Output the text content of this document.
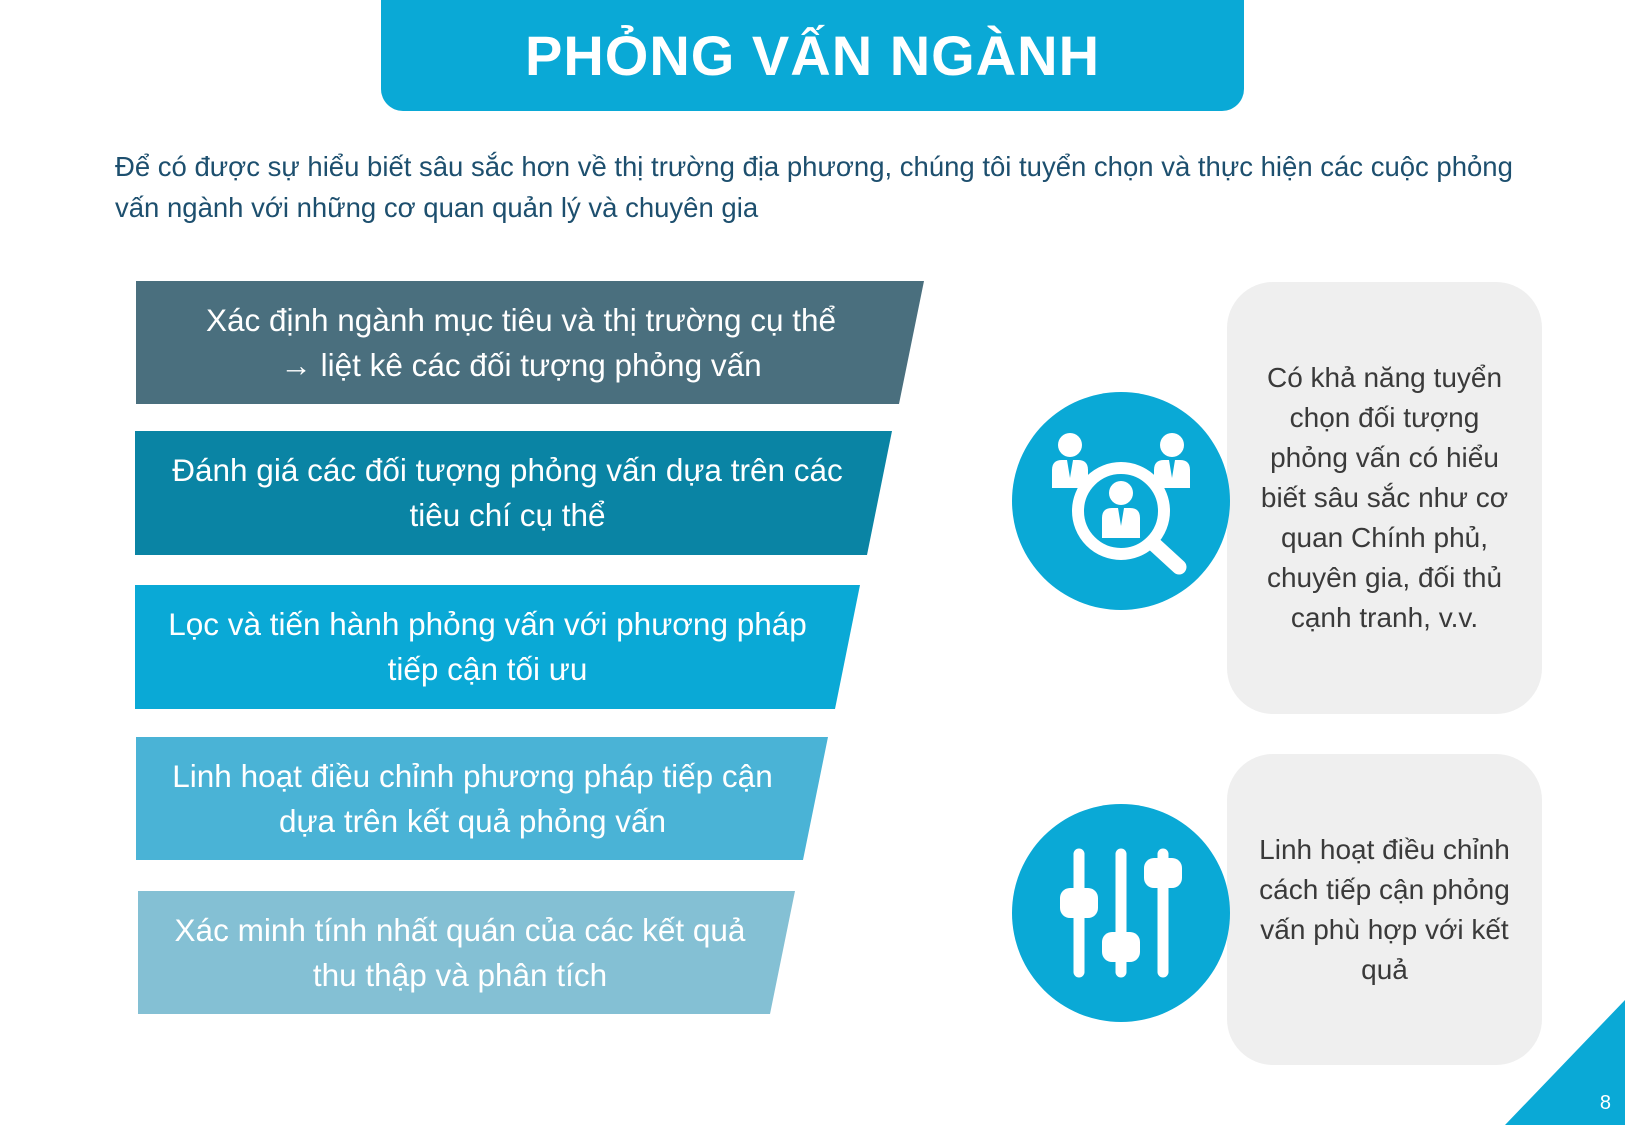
PHỎNG VẤN NGÀNH

Để có được sự hiểu biết sâu sắc hơn về thị trường địa phương, chúng tôi tuyển chọn và thực hiện các cuộc phỏng vấn ngành với những cơ quan quản lý và chuyên gia

Xác định ngành mục tiêu và thị trường cụ thể
→ liệt kê các đối tượng phỏng vấn
Đánh giá các đối tượng phỏng vấn dựa trên các tiêu chí cụ thể
Lọc và tiến hành phỏng vấn với phương pháp tiếp cận tối ưu
Linh hoạt điều chỉnh phương pháp tiếp cận dựa trên kết quả phỏng vấn
Xác minh tính nhất quán của các kết quả thu thập và phân tích

Có khả năng tuyển chọn đối tượng phỏng vấn có hiểu biết sâu sắc như cơ quan Chính phủ, chuyên gia, đối thủ cạnh tranh, v.v.

Linh hoạt điều chỉnh cách tiếp cận phỏng vấn phù hợp với kết quả

8
